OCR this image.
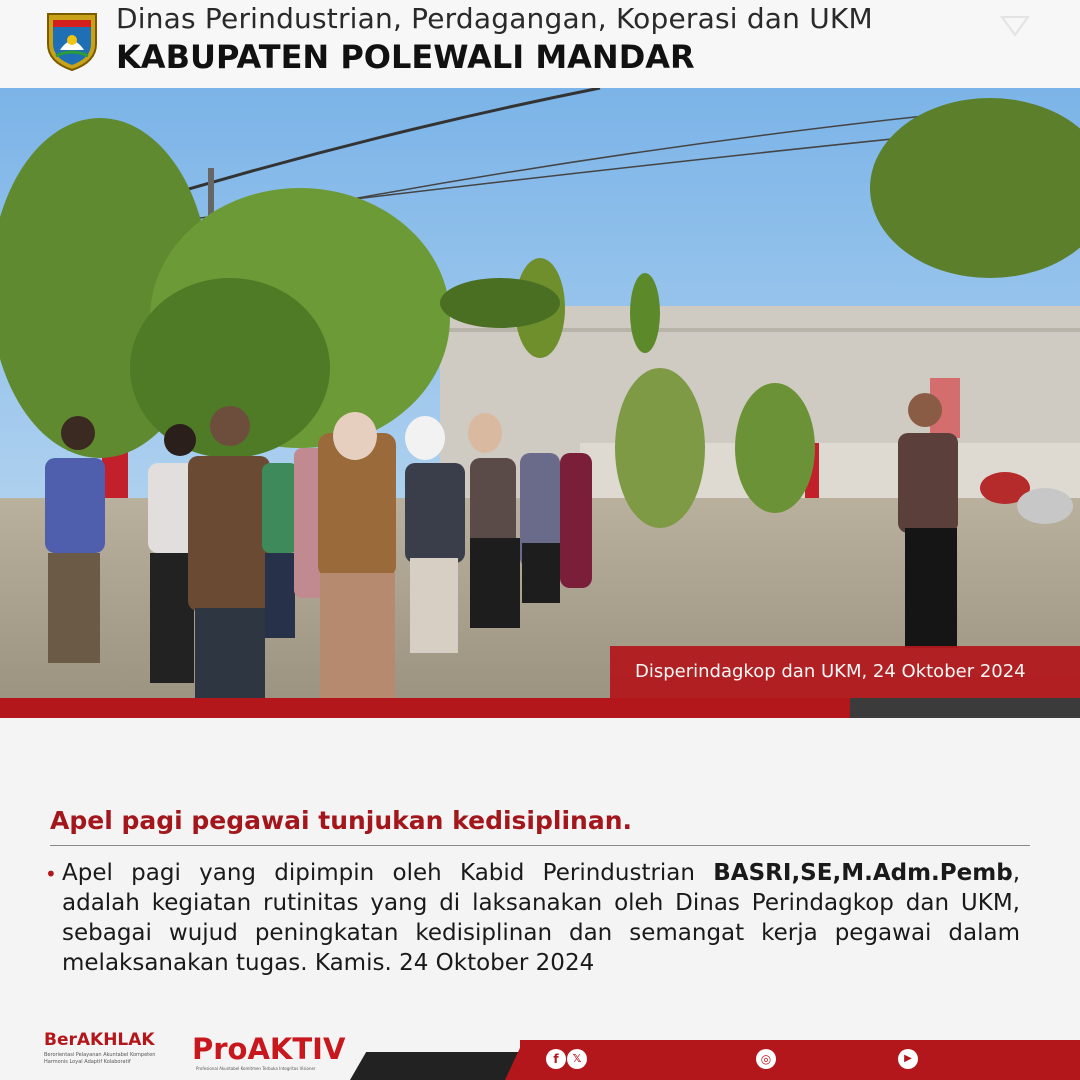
Dinas Perindustrian, Perdagangan, Koperasi dan UKM
KABUPATEN POLEWALI MANDAR
Disperindagkop dan UKM, 24 Oktober 2024
Apel pagi pegawai tunjukan kedisiplinan.
• Apel pagi yang dipimpin oleh Kabid Perindustrian BASRI,SE,M.Adm.Pemb, adalah kegiatan rutinitas yang di laksanakan oleh Dinas Perindagkop dan UKM, sebagai wujud peningkatan kedisiplinan dan semangat kerja pegawai dalam melaksanakan tugas. Kamis. 24 Oktober 2024
BerAKHLAK
Berorientasi Pelayanan Akuntabel Kompeten Harmonis Loyal Adaptif Kolaboratif	ProAKTIV
Profesional Akuntabel Komitmen Terbuka Integritas Visioner
f	𝕏	◎	▶
